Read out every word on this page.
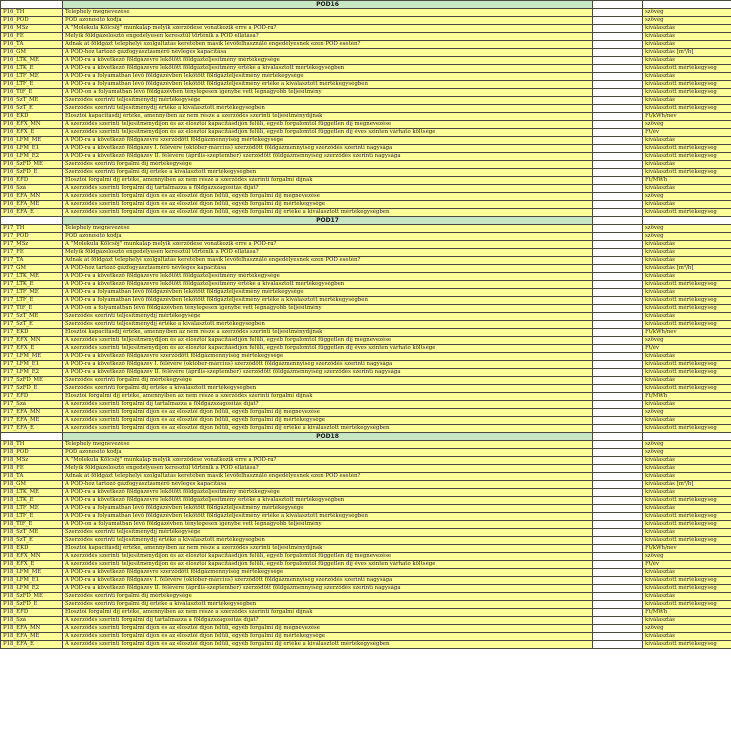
	POD16		
P16_TH	Telephely megnevezése		szöveg
P16_POD	POD azonosító kódja		szöveg
P16_MSz	A "Molekula Kölcsöj" munkalap melyik szerződése vonatkozik erre a POD-ra?		kiválasztás
P16_FE	Melyik földgázelosztó engedélyesen keresztül történik a POD ellátása?		kiválasztás
P16_TÁ	Adnak át földgázt telephelyi szolgáltatás keretében másik lévőfelhasználó engedélyesnek ezen POD esetén?		kiválasztás
P16_GM	A POD-hoz tartozó gázfogyasztásmérő névleges kapacitása		kiválasztás [m³/h]
P16_LTK_ME	A POD-ra a következő földgázévre lekötött földgázteljesítmény mértékegysége		kiválasztás
P16_LTK_É	A POD-ra a következő földgázévre lekötött földgázteljesítmény értéke a kiválasztott mértékegységben		kiválasztott mértékegység
P16_LTF_ME	A POD-ra a folyamatban lévő földgázévben lekötött földgázteljesítmény mértékegysége		kiválasztás
P16_LTF_É	A POD-ra a folyamatban lévő földgázévben lekötött földgázteljesítmény értéke a kiválasztott mértékegységben		kiválasztott mértékegység
P16_TIF_É	A POD-on a folyamatban lévő földgázévben ténylegesen igénybe vett legnagyobb teljesítmény		kiválasztott mértékegység
P16_SzT_ME	Szerződés szerinti teljesítménydíj mértékegysége		kiválasztás
P16_SzT_É	Szerződés szerinti teljesítménydíj értéke a kiválasztott mértékegységben		kiválasztott mértékegység
P16_EKD	Elosztói kapacitásdíj értéke, amennyiben az nem része a szerződés szerinti teljesítménydíjnak		Ft/kWh/nev
P16_EFX_MN	A szerződés szerinti teljesítménydíjon és az elosztói kapacitásdíjon felüli, egyéb forgalomtól független díj megnevezése		szöveg
P16_EFX_É	A szerződés szerinti teljesítménydíjon és az elosztói kapacitásdíjon felüli, egyéb forgalomtól független díj éves szinten várható költsége		Ft/év
P16_LFM_ME	A POD-ra a következő földgázévre szerződött földgázmennyiség mértékegysége		kiválasztás
P16_LFM_É1	A POD-ra a következő földgázév I. félévére (október-március) szerződött földgázmennyiség szerződés szerinti nagysága		kiválasztott mértékegység
P16_LFM_É2	A POD-ra a következő földgázév II. félévére (április-szeptember) szerződött földgázmennyiség szerződés szerinti nagysága		kiválasztott mértékegység
P16_SzFD_ME	Szerződés szerinti forgalmi díj mértékegysége		kiválasztás
P16_SzFD_É	Szerződés szerinti forgalmi díj értéke a kiválasztott mértékegységben		kiválasztott mértékegység
P16_EFD	Elosztói forgalmi díj értéke, amennyiben az nem része a szerződés szerinti forgalmi díjnak		Ft/MWh
P16_Szá	A szerződés szerinti forgalmi díj tartalmazza a földgázszagosítás díját?		kiválasztás
P16_EFA_MN	A szerződés szerinti forgalmi díjon és az elosztói díjon felüli, egyéb forgalmi díj megnevezése		szöveg
P16_EFA_ME	A szerződés szerinti forgalmi díjon és az elosztói díjon felüli, egyéb forgalmi díj mértékegysége		kiválasztás
P16_EFA_É	A szerződés szerinti forgalmi díjon és az elosztói díjon felüli, egyéb forgalmi díj értéke a kiválasztott mértékegységben		kiválasztott mértékegység
	POD17		
P17_TH	Telephely megnevezése		szöveg
P17_POD	POD azonosító kódja		szöveg
P17_MSz	A "Molekula Kölcsöj" munkalap melyik szerződése vonatkozik erre a POD-ra?		kiválasztás
P17_FE	Melyik földgázelosztó engedélyesen keresztül történik a POD ellátása?		kiválasztás
P17_TÁ	Adnak át földgázt telephelyi szolgáltatás keretében másik lévőfelhasználó engedélyesnek ezen POD esetén?		kiválasztás
P17_GM	A POD-hoz tartozó gázfogyasztásmérő névleges kapacitása		kiválasztás [m³/h]
P17_LTK_ME	A POD-ra a következő földgázévre lekötött földgázteljesítmény mértékegysége		kiválasztás
P17_LTK_É	A POD-ra a következő földgázévre lekötött földgázteljesítmény értéke a kiválasztott mértékegységben		kiválasztott mértékegység
P17_LTF_ME	A POD-ra a folyamatban lévő földgázévben lekötött földgázteljesítmény mértékegysége		kiválasztás
P17_LTF_É	A POD-ra a folyamatban lévő földgázévben lekötött földgázteljesítmény értéke a kiválasztott mértékegységben		kiválasztott mértékegység
P17_TIF_É	A POD-on a folyamatban lévő földgázévben ténylegesen igénybe vett legnagyobb teljesítmény		kiválasztott mértékegység
P17_SzT_ME	Szerződés szerinti teljesítménydíj mértékegysége		kiválasztás
P17_SzT_É	Szerződés szerinti teljesítménydíj értéke a kiválasztott mértékegységben		kiválasztott mértékegység
P17_EKD	Elosztói kapacitásdíj értéke, amennyiben az nem része a szerződés szerinti teljesítménydíjnak		Ft/kWh/nev
P17_EFX_MN	A szerződés szerinti teljesítménydíjon és az elosztói kapacitásdíjon felüli, egyéb forgalomtól független díj megnevezése		szöveg
P17_EFX_É	A szerződés szerinti teljesítménydíjon és az elosztói kapacitásdíjon felüli, egyéb forgalomtól független díj éves szinten várható költsége		Ft/év
P17_LFM_ME	A POD-ra a következő földgázévre szerződött földgázmennyiség mértékegysége		kiválasztás
P17_LFM_É1	A POD-ra a következő földgázév I. félévére (október-március) szerződött földgázmennyiség szerződés szerinti nagysága		kiválasztott mértékegység
P17_LFM_É2	A POD-ra a következő földgázév II. félévére (április-szeptember) szerződött földgázmennyiség szerződés szerinti nagysága		kiválasztott mértékegység
P17_SzFD_ME	Szerződés szerinti forgalmi díj mértékegysége		kiválasztás
P17_SzFD_É	Szerződés szerinti forgalmi díj értéke a kiválasztott mértékegységben		kiválasztott mértékegység
P17_EFD	Elosztói forgalmi díj értéke, amennyiben az nem része a szerződés szerinti forgalmi díjnak		Ft/MWh
P17_Szá	A szerződés szerinti forgalmi díj tartalmazza a földgázszagosítás díját?		kiválasztás
P17_EFA_MN	A szerződés szerinti forgalmi díjon és az elosztói díjon felüli, egyéb forgalmi díj megnevezése		szöveg
P17_EFA_ME	A szerződés szerinti forgalmi díjon és az elosztói díjon felüli, egyéb forgalmi díj mértékegysége		kiválasztás
P17_EFA_É	A szerződés szerinti forgalmi díjon és az elosztói díjon felüli, egyéb forgalmi díj értéke a kiválasztott mértékegységben		kiválasztott mértékegység
	POD18		
P18_TH	Telephely megnevezése		szöveg
P18_POD	POD azonosító kódja		szöveg
P18_MSz	A "Molekula Kölcsöj" munkalap melyik szerződése vonatkozik erre a POD-ra?		kiválasztás
P18_FE	Melyik földgázelosztó engedélyesen keresztül történik a POD ellátása?		kiválasztás
P18_TÁ	Adnak át földgázt telephelyi szolgáltatás keretében másik lévőfelhasználó engedélyesnek ezen POD esetén?		kiválasztás
P18_GM	A POD-hoz tartozó gázfogyasztásmérő névleges kapacitása		kiválasztás [m³/h]
P18_LTK_ME	A POD-ra a következő földgázévre lekötött földgázteljesítmény mértékegysége		kiválasztás
P18_LTK_É	A POD-ra a következő földgázévre lekötött földgázteljesítmény értéke a kiválasztott mértékegységben		kiválasztott mértékegység
P18_LTF_ME	A POD-ra a folyamatban lévő földgázévben lekötött földgázteljesítmény mértékegysége		kiválasztás
P18_LTF_É	A POD-ra a folyamatban lévő földgázévben lekötött földgázteljesítmény értéke a kiválasztott mértékegységben		kiválasztott mértékegység
P18_TIF_É	A POD-on a folyamatban lévő földgázévben ténylegesen igénybe vett legnagyobb teljesítmény		kiválasztott mértékegység
P18_SzT_ME	Szerződés szerinti teljesítménydíj mértékegysége		kiválasztás
P18_SzT_É	Szerződés szerinti teljesítménydíj értéke a kiválasztott mértékegységben		kiválasztott mértékegység
P18_EKD	Elosztói kapacitásdíj értéke, amennyiben az nem része a szerződés szerinti teljesítménydíjnak		Ft/kWh/nev
P18_EFX_MN	A szerződés szerinti teljesítménydíjon és az elosztói kapacitásdíjon felüli, egyéb forgalomtól független díj megnevezése		szöveg
P18_EFX_É	A szerződés szerinti teljesítménydíjon és az elosztói kapacitásdíjon felüli, egyéb forgalomtól független díj éves szinten várható költsége		Ft/év
P18_LFM_ME	A POD-ra a következő földgázévre szerződött földgázmennyiség mértékegysége		kiválasztás
P18_LFM_É1	A POD-ra a következő földgázév I. félévére (október-március) szerződött földgázmennyiség szerződés szerinti nagysága		kiválasztott mértékegység
P18_LFM_É2	A POD-ra a következő földgázév II. félévére (április-szeptember) szerződött földgázmennyiség szerződés szerinti nagysága		kiválasztott mértékegység
P18_SzFD_ME	Szerződés szerinti forgalmi díj mértékegysége		kiválasztás
P18_SzFD_É	Szerződés szerinti forgalmi díj értéke a kiválasztott mértékegységben		kiválasztott mértékegység
P18_EFD	Elosztói forgalmi díj értéke, amennyiben az nem része a szerződés szerinti forgalmi díjnak		Ft/MWh
P18_Szá	A szerződés szerinti forgalmi díj tartalmazza a földgázszagosítás díját?		kiválasztás
P18_EFA_MN	A szerződés szerinti forgalmi díjon és az elosztói díjon felüli, egyéb forgalmi díj megnevezése		szöveg
P18_EFA_ME	A szerződés szerinti forgalmi díjon és az elosztói díjon felüli, egyéb forgalmi díj mértékegysége		kiválasztás
P18_EFA_É	A szerződés szerinti forgalmi díjon és az elosztói díjon felüli, egyéb forgalmi díj értéke a kiválasztott mértékegységben		kiválasztott mértékegység
